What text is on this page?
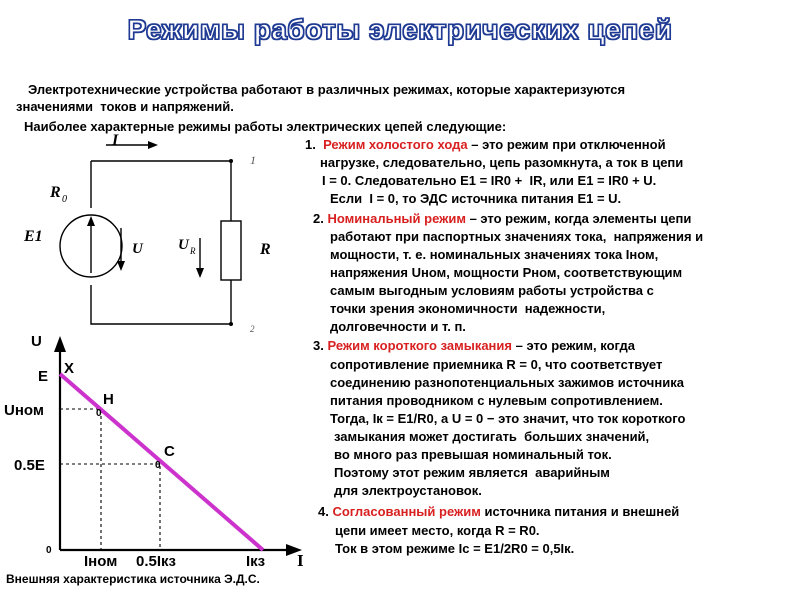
Режимы работы электрических цепей
Электротехнические устройства работают в различных режимах, которые характеризуются
значениями  токов и напряжений.
Наиболее характерные режимы работы электрических цепей следующие:
I
R 0
E1
U U R	R
1
2
1. Режим холостого хода – это режим при отключенной
нагрузке, следовательно, цепь разомкнута, а ток в цепи
I = 0. Следовательно E1 = IR0 +  IR, или E1 = IR0 + U.
Если  I = 0, то ЭДС источника питания E1 = U.
2. Номинальный режим – это режим, когда элементы цепи
работают при паспортных значениях тока,  напряжения и
мощности, т. е. номинальных значениях тока Iном,
напряжения Uном, мощности Pном, соответствующим
самым выгодным условиям работы устройства с
точки зрения экономичности  надежности,
долговечности и т. п.
3. Режим короткого замыкания – это режим, когда
сопротивление приемника R = 0, что соответствует
соединению разнопотенциальных зажимов источника
питания проводником с нулевым сопротивлением.
Тогда, Iк = E1/R0, а U = 0 − это значит, что ток короткого
замыкания может достигать  больших значений,
во много раз превышая номинальный ток.
Поэтому этот режим является  аварийным
для электроустановок.
4. Согласованный режим источника питания и внешней
цепи имеет место, когда R = R0.
Ток в этом режиме Iс = E1/2R0 = 0,5Iк.
U
I
X
E
H
0
C
0
Uном
0.5E
0
Iном 0.5Iкз	Iкз
Внешняя характеристика источника Э.Д.С.
